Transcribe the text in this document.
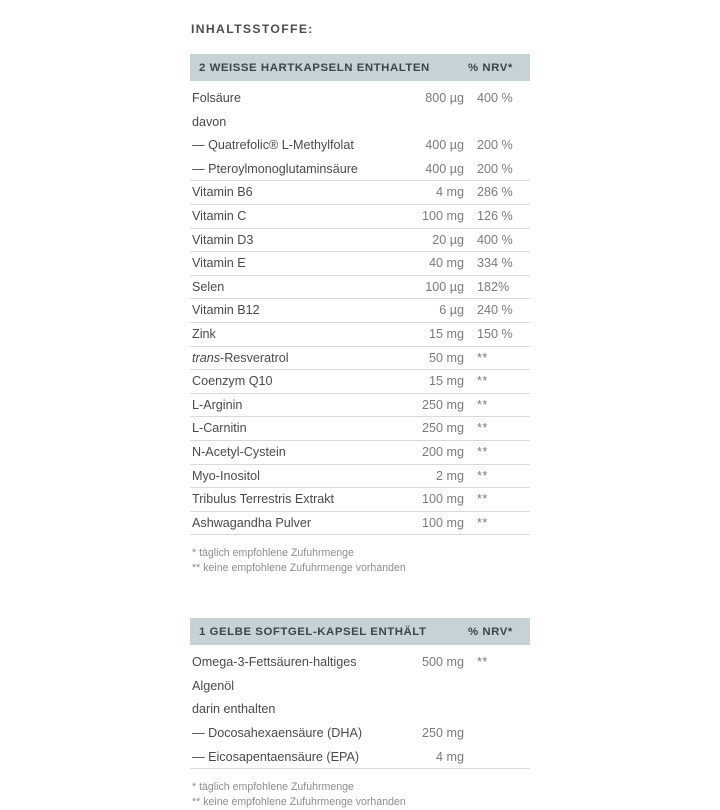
INHALTSSTOFFE:
2 WEISSE HARTKAPSELN ENTHALTEN	% NRV*
Folsäure	800 µg	400 %
davon
— Quatrefolic® L-Methylfolat	400 µg	200 %
— Pteroylmonoglutaminsäure	400 µg	200 %
Vitamin B6	4 mg	286 %
Vitamin C	100 mg	126 %
Vitamin D3	20 µg	400 %
Vitamin E	40 mg	334 %
Selen	100 µg	182%
Vitamin B12	6 µg	240 %
Zink	15 mg	150 %
trans-Resveratrol	50 mg	**
Coenzym Q10	15 mg	**
L-Arginin	250 mg	**
L-Carnitin	250 mg	**
N-Acetyl-Cystein	200 mg	**
Myo-Inositol	2 mg	**
Tribulus Terrestris Extrakt	100 mg	**
Ashwagandha Pulver	100 mg	**
* täglich empfohlene Zufuhrmenge
** keine empfohlene Zufuhrmenge vorhanden
1 GELBE SOFTGEL-KAPSEL ENTHÄLT	% NRV*
Omega-3-Fettsäuren-haltiges	500 mg	**
Algenöl
darin enthalten
— Docosahexaensäure (DHA)	250 mg
— Eicosapentaensäure (EPA)	4 mg
* täglich empfohlene Zufuhrmenge
** keine empfohlene Zufuhrmenge vorhanden
